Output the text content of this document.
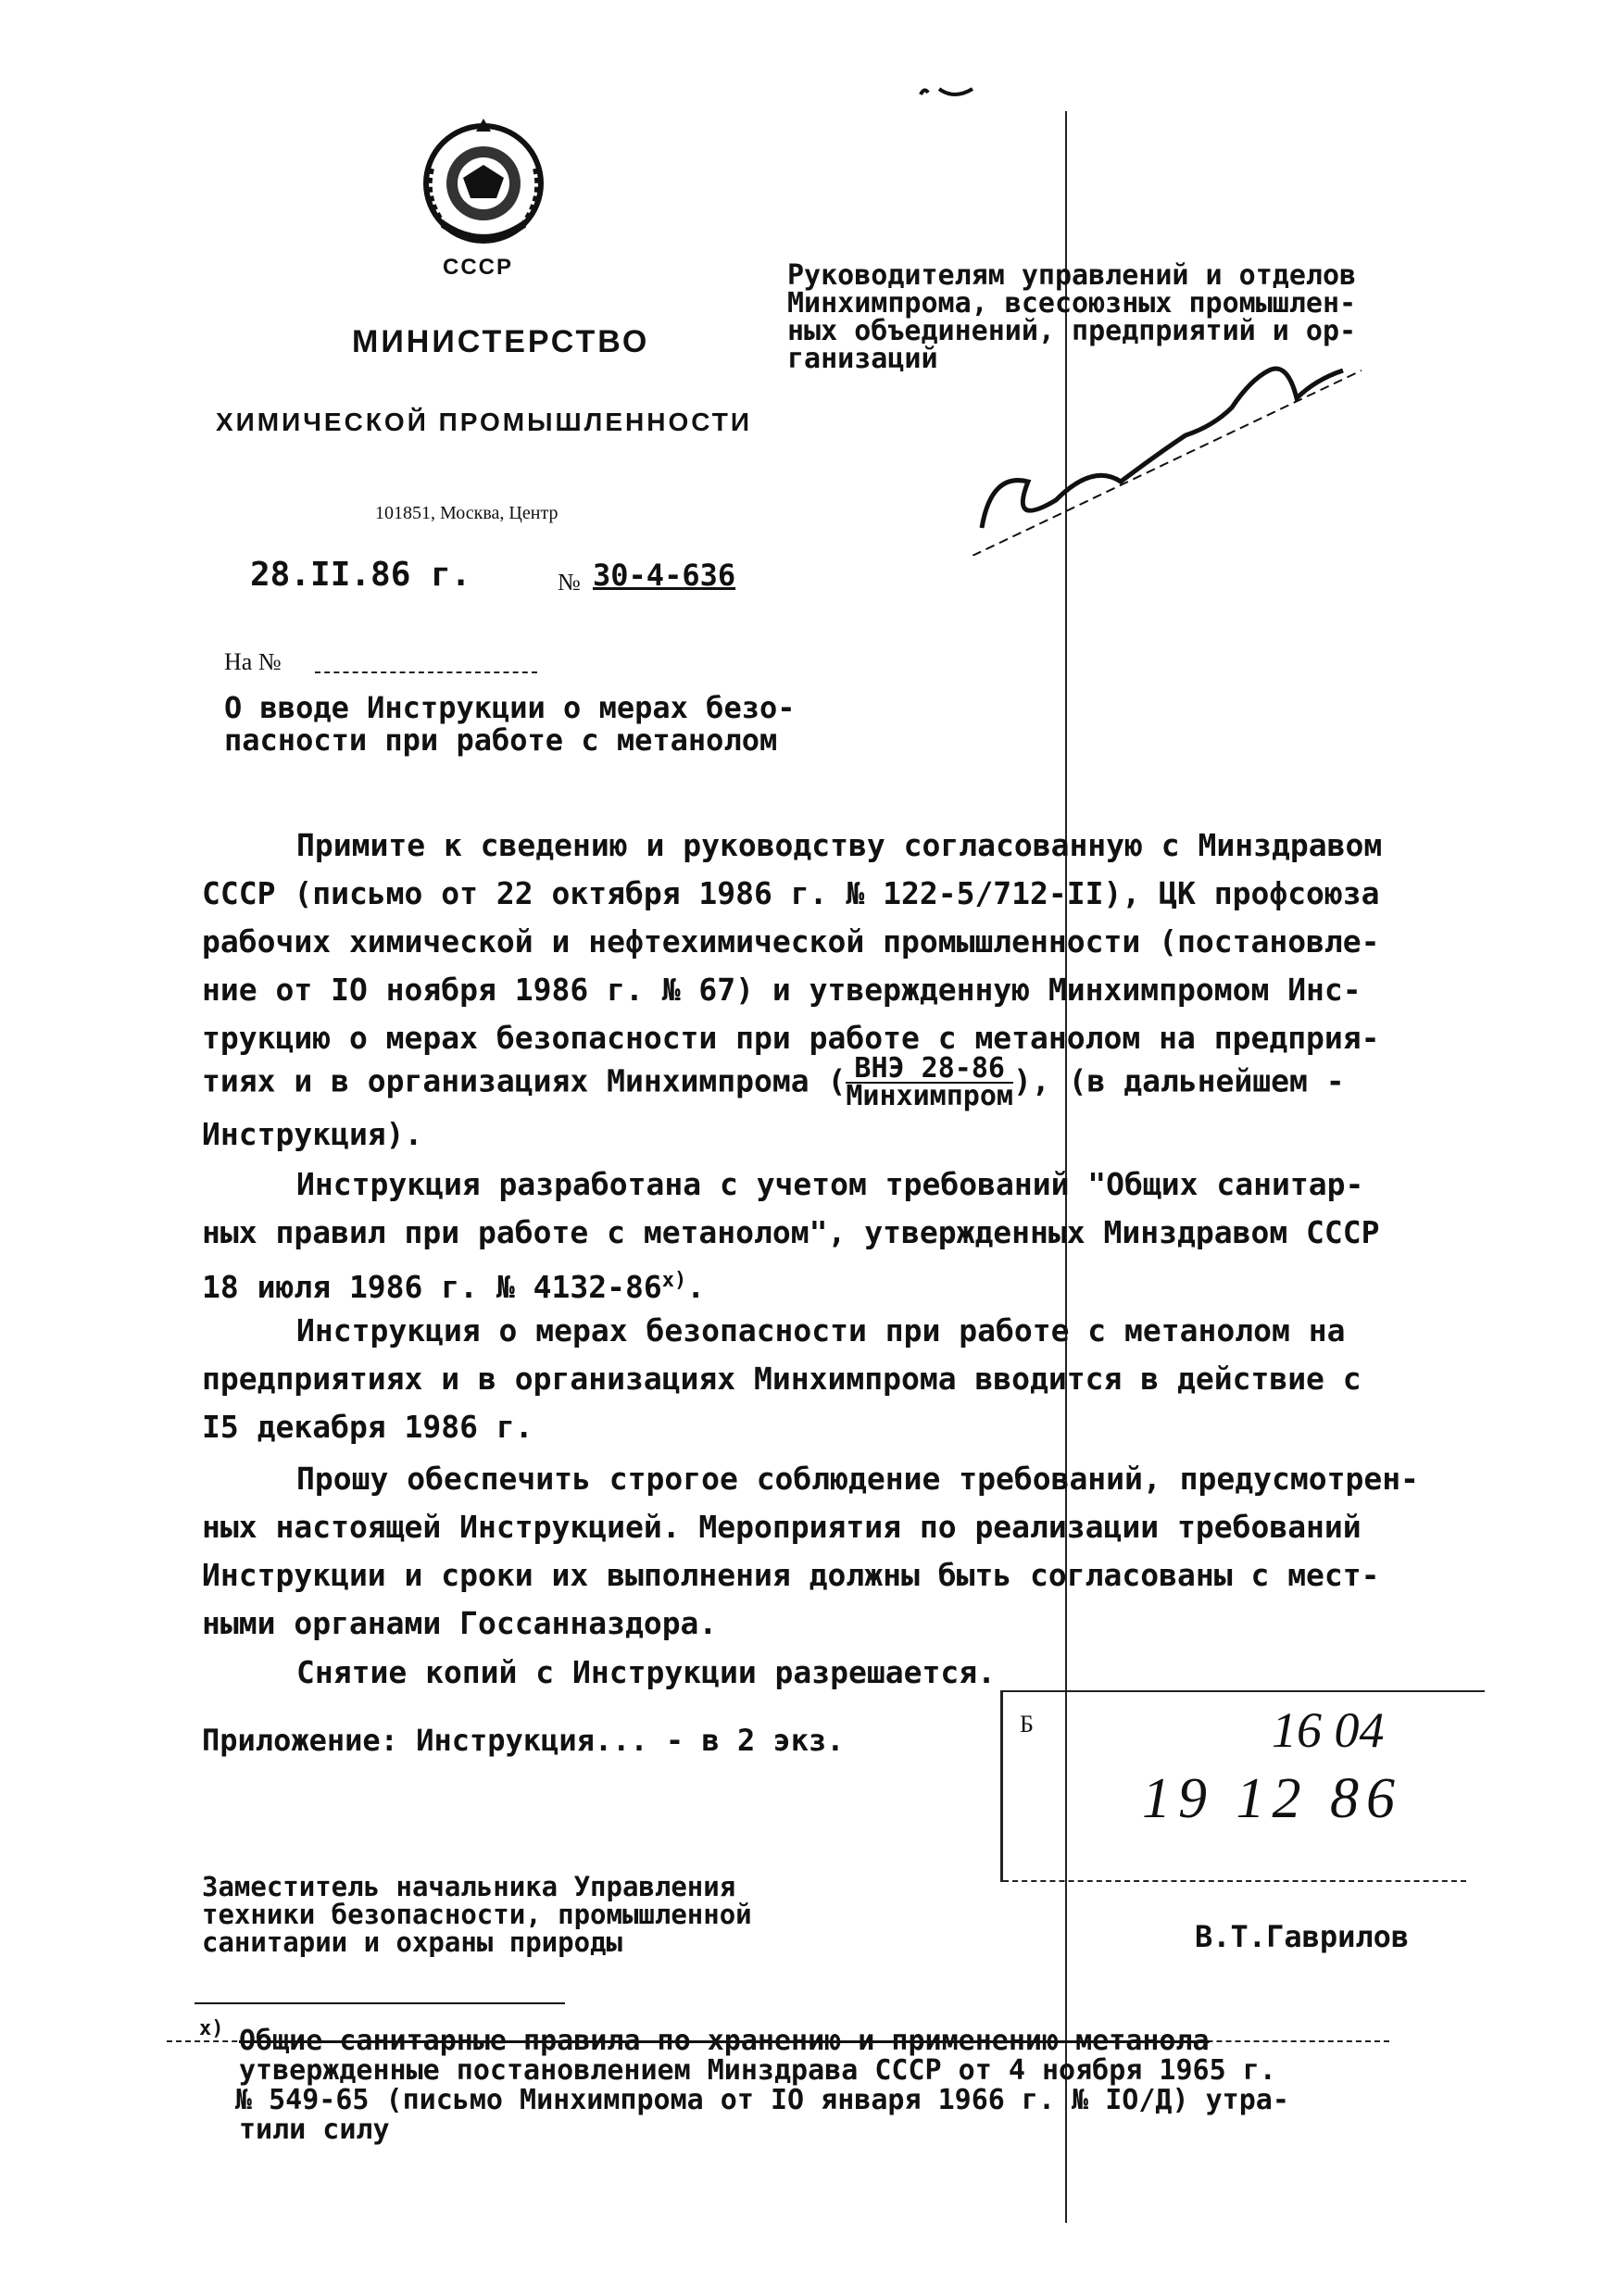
СССР
МИНИСТЕРСТВО
ХИМИЧЕСКОЙ ПРОМЫШЛЕННОСТИ
101851, Москва, Центр
28.II.86 г.	№ 30-4-636
На №
Руководителям управлений и отделов
Минхимпрома, всесоюзных промышлен-
ных объединений, предприятий и ор-
ганизаций
О вводе Инструкции о мерах безо-
пасности при работе с метанолом
Примите к сведению и руководству согласованную с Минздравом
СССР (письмо от 22 октября 1986 г. № 122-5/712-II), ЦК профсоюза
рабочих химической и нефтехимической промышленности (постановле-
ние от IO ноября 1986 г. № 67) и утвержденную Минхимпромом Инс-
трукцию о мерах безопасности при работе с метанолом на предприя-
тиях и в организациях Минхимпрома ( $\frac{\text{ВНЭ 28-86}}{\text{Минхимпром}}$ ), (в дальнейшем -
Инструкция).
Инструкция разработана с учетом требований "Общих санитар-
ных правил при работе с метанолом", утвержденных Минздравом СССР
18 июля 1986 г. № $4132-86^{х)}$.
Инструкция о мерах безопасности при работе с метанолом на
предприятиях и в организациях Минхимпрома вводится в действие с
I5 декабря 1986 г.
Прошу обеспечить строгое соблюдение требований, предусмотрен-
ных настоящей Инструкцией. Мероприятия по реализации требований
Инструкции и сроки их выполнения должны быть согласованы с мест-
ными органами Госсанназдора.
Снятие копий с Инструкции разрешается.
Приложение: Инструкция... - в 2 экз.	Б	16 04
19 12 86
Заместитель начальника Управления
техники безопасности, промышленной
санитарии и охраны природы	В.Т.Гаврилов
х) Общие санитарные правила по хранению и применению метанола
утвержденные постановлением Минздрава СССР от 4 ноября 1965 г.
№ 549-65 (письмо Минхимпрома от IO января 1966 г. № IO/Д) утра-
тили силу
